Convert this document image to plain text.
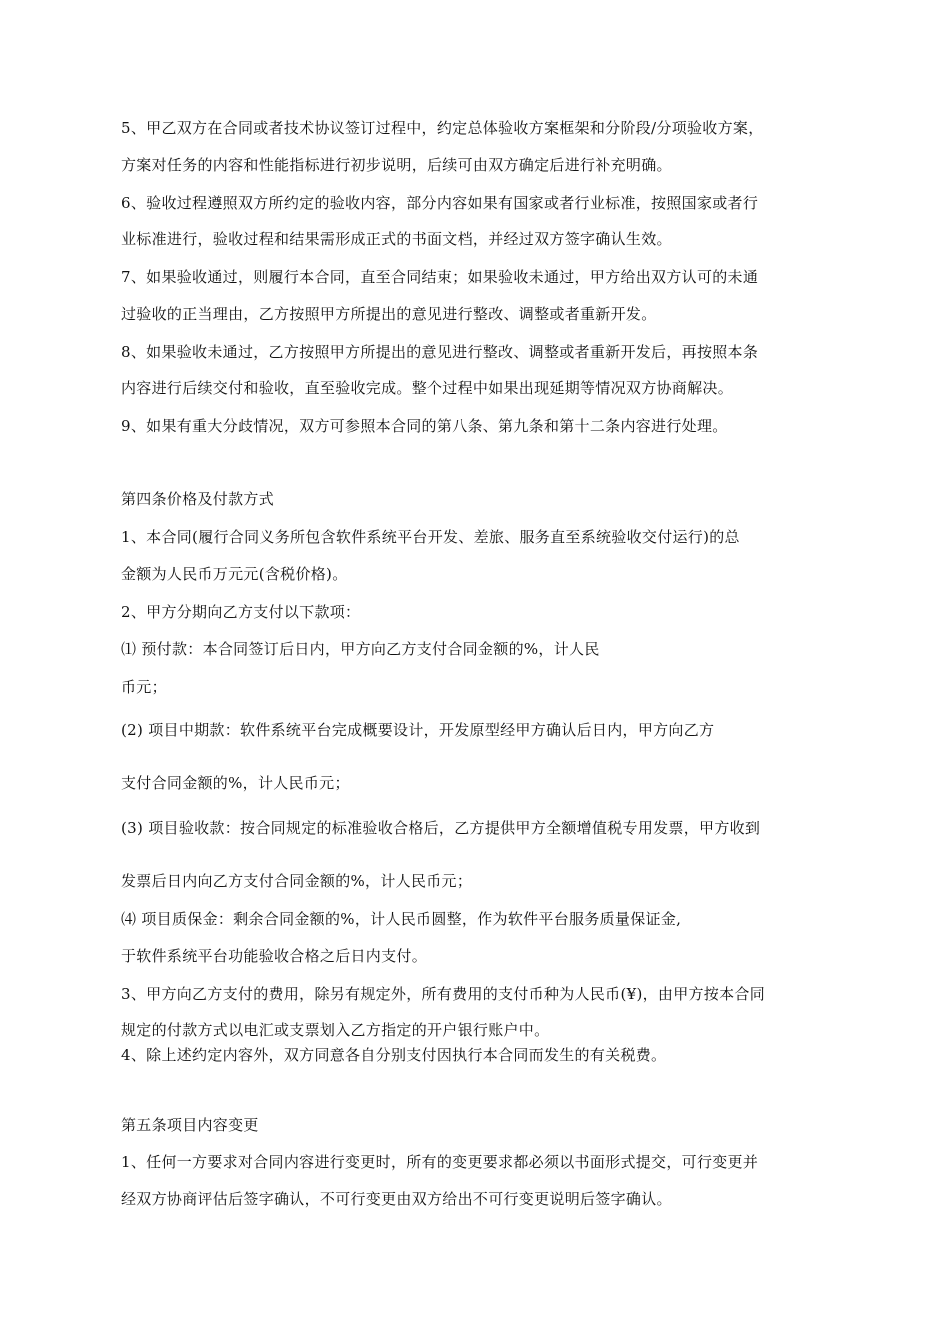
5、甲乙双方在合同或者技术协议签订过程中，约定总体验收方案框架和分阶段/分项验收方案，
方案对任务的内容和性能指标进行初步说明，后续可由双方确定后进行补充明确。
6、验收过程遵照双方所约定的验收内容，部分内容如果有国家或者行业标准，按照国家或者行
业标准进行，验收过程和结果需形成正式的书面文档，并经过双方签字确认生效。
7、如果验收通过，则履行本合同，直至合同结束；如果验收未通过，甲方给出双方认可的未通
过验收的正当理由，乙方按照甲方所提出的意见进行整改、调整或者重新开发。
8、如果验收未通过，乙方按照甲方所提出的意见进行整改、调整或者重新开发后，再按照本条
内容进行后续交付和验收，直至验收完成。整个过程中如果出现延期等情况双方协商解决。
9、如果有重大分歧情况，双方可参照本合同的第八条、第九条和第十二条内容进行处理。
第四条价格及付款方式
1、本合同(履行合同义务所包含软件系统平台开发、差旅、服务直至系统验收交付运行)的总
金额为人民币万元元(含税价格)。
2、甲方分期向乙方支付以下款项：
⑴ 预付款：本合同签订后日内，甲方向乙方支付合同金额的%，计人民
币元；
(2) 项目中期款：软件系统平台完成概要设计，开发原型经甲方确认后日内，甲方向乙方
支付合同金额的%，计人民币元；
(3) 项目验收款：按合同规定的标准验收合格后，乙方提供甲方全额增值税专用发票，甲方收到
发票后日内向乙方支付合同金额的%，计人民币元；
⑷ 项目质保金：剩余合同金额的%，计人民币圆整，作为软件平台服务质量保证金,
于软件系统平台功能验收合格之后日内支付。
3、甲方向乙方支付的费用，除另有规定外，所有费用的支付币种为人民币(¥)，由甲方按本合同
规定的付款方式以电汇或支票划入乙方指定的开户银行账户中。
4、除上述约定内容外，双方同意各自分别支付因执行本合同而发生的有关税费。
第五条项目内容变更
1、任何一方要求对合同内容进行变更时，所有的变更要求都必须以书面形式提交，可行变更并
经双方协商评估后签字确认，不可行变更由双方给出不可行变更说明后签字确认。
